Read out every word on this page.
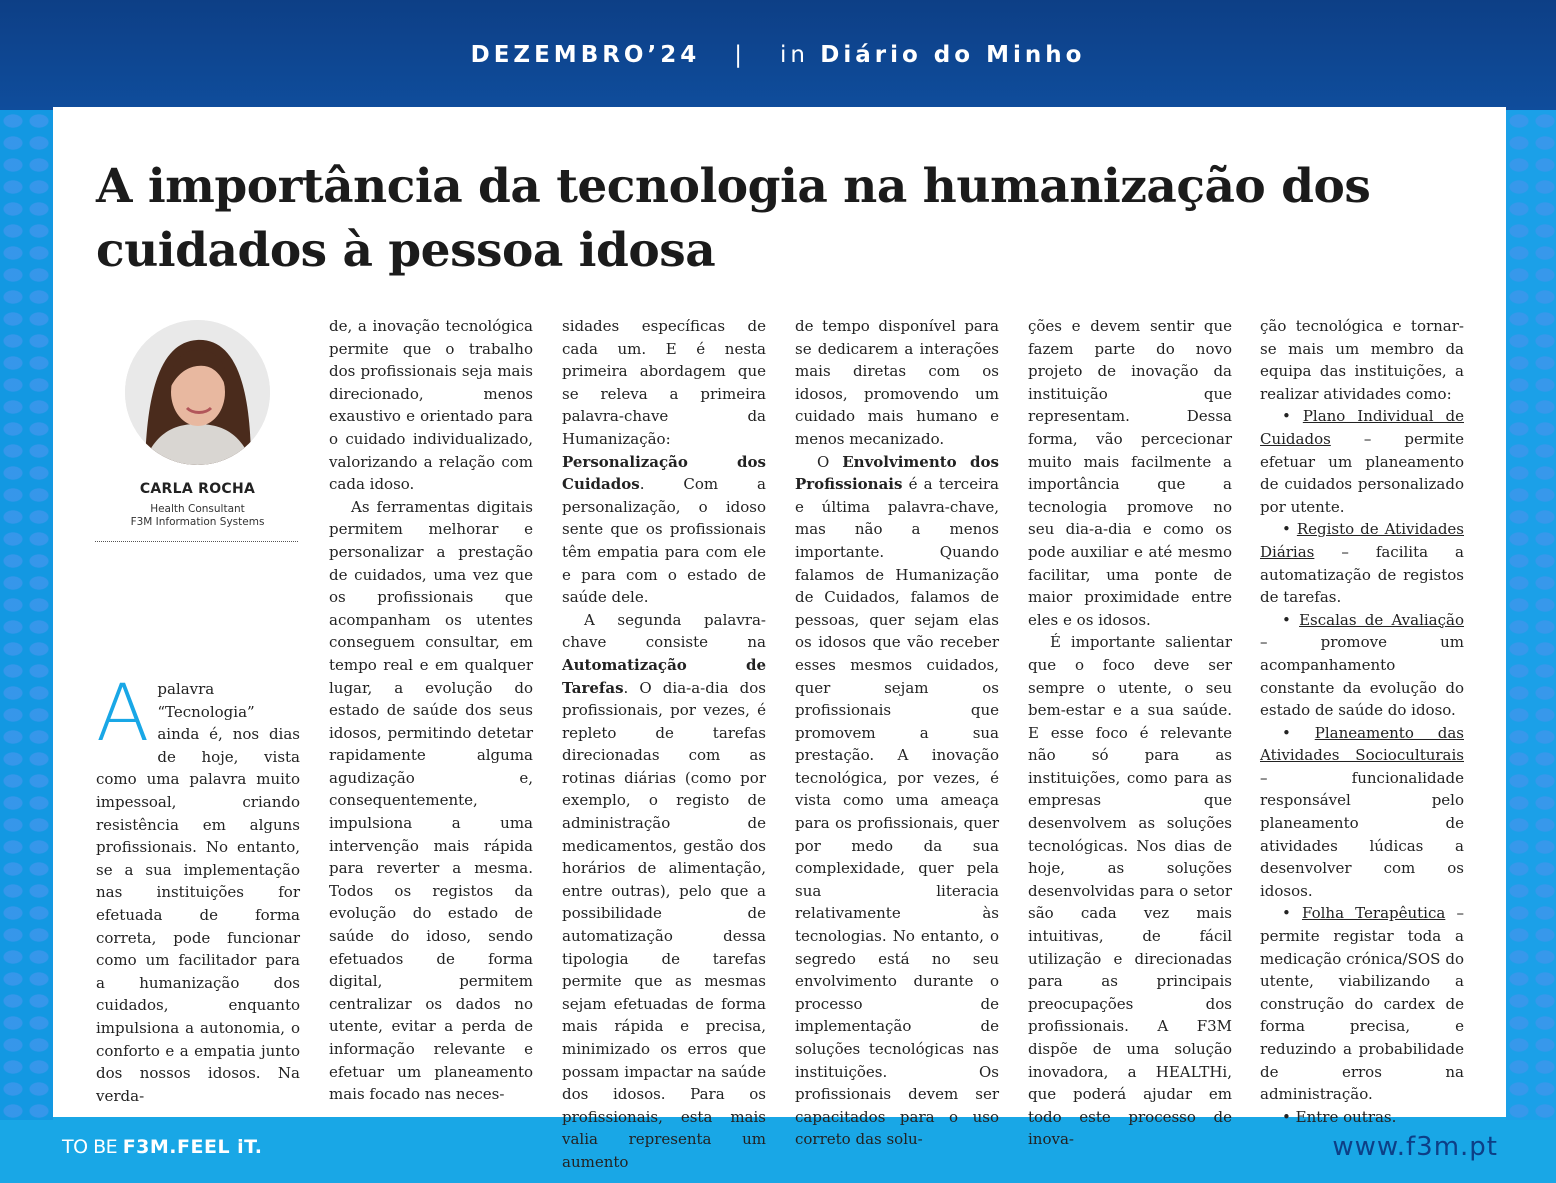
DEZEMBRO’24 | in Diário do Minho
A importância da tecnologia na humanização dos cuidados à pessoa idosa
CARLA ROCHA
Health Consultant
F3M Information Systems

Apalavra “Tecnologia” ainda é, nos dias de hoje, vista como uma palavra muito impessoal, criando resistência em alguns profissionais. No entanto, se a sua implementação nas instituições for efetuada de forma correta, pode funcionar como um facilitador para a humanização dos cuidados, enquanto impulsiona a autonomia, o conforto e a empatia junto dos nossos idosos. Na verda-

de, a inovação tecnológica permite que o trabalho dos profissionais seja mais direcionado, menos exaustivo e orientado para o cuidado individualizado, valorizando a relação com cada idoso.

As ferramentas digitais permitem melhorar e personalizar a prestação de cuidados, uma vez que os profissionais que acompanham os utentes conseguem consultar, em tempo real e em qualquer lugar, a evolução do estado de saúde dos seus idosos, permitindo detetar rapidamente alguma agudização e, consequentemente, impulsiona a uma intervenção mais rápida para reverter a mesma. Todos os registos da evolução do estado de saúde do idoso, sendo efetuados de forma digital, permitem centralizar os dados no utente, evitar a perda de informação relevante e efetuar um planeamento mais focado nas neces-

sidades específicas de cada um. E é nesta primeira abordagem que se releva a primeira palavra-chave da Humanização: Personalização dos Cuidados. Com a personalização, o idoso sente que os profissionais têm empatia para com ele e para com o estado de saúde dele.

A segunda palavra-chave consiste na Automatização de Tarefas. O dia-a-dia dos profissionais, por vezes, é repleto de tarefas direcionadas com as rotinas diárias (como por exemplo, o registo de administração de medicamentos, gestão dos horários de alimentação, entre outras), pelo que a possibilidade de automatização dessa tipologia de tarefas permite que as mesmas sejam efetuadas de forma mais rápida e precisa, minimizado os erros que possam impactar na saúde dos idosos. Para os profissionais, esta mais valia representa um aumento

de tempo disponível para se dedicarem a interações mais diretas com os idosos, promovendo um cuidado mais humano e menos mecanizado.

O Envolvimento dos Profissionais é a terceira e última palavra-chave, mas não a menos importante. Quando falamos de Humanização de Cuidados, falamos de pessoas, quer sejam elas os idosos que vão receber esses mesmos cuidados, quer sejam os profissionais que promovem a sua prestação. A inovação tecnológica, por vezes, é vista como uma ameaça para os profissionais, quer por medo da sua complexidade, quer pela sua literacia relativamente às tecnologias. No entanto, o segredo está no seu envolvimento durante o processo de implementação de soluções tecnológicas nas instituições. Os profissionais devem ser capacitados para o uso correto das solu-

ções e devem sentir que fazem parte do novo projeto de inovação da instituição que representam. Dessa forma, vão percecionar muito mais facilmente a importância que a tecnologia promove no seu dia-a-dia e como os pode auxiliar e até mesmo facilitar, uma ponte de maior proximidade entre eles e os idosos.

É importante salientar que o foco deve ser sempre o utente, o seu bem-estar e a sua saúde. E esse foco é relevante não só para as instituições, como para as empresas que desenvolvem as soluções tecnológicas. Nos dias de hoje, as soluções desenvolvidas para o setor são cada vez mais intuitivas, de fácil utilização e direcionadas para as principais preocupações dos profissionais. A F3M dispõe de uma solução inovadora, a HEALTHi, que poderá ajudar em todo este processo de inova-

ção tecnológica e tornar-se mais um membro da equipa das instituições, a realizar atividades como:

• Plano Individual de Cuidados – permite efetuar um planeamento de cuidados personalizado por utente.

• Registo de Atividades Diárias – facilita a automatização de registos de tarefas.

• Escalas de Avaliação – promove um acompanhamento constante da evolução do estado de saúde do idoso.

• Planeamento das Atividades Socioculturais – funcionalidade responsável pelo planeamento de atividades lúdicas a desenvolver com os idosos.

• Folha Terapêutica – permite registar toda a medicação crónica/SOS do utente, viabilizando a construção do cardex de forma precisa, e reduzindo a probabilidade de erros na administração.

• Entre outras.

TO BE F3M.FEEL iT.	www.f3m.pt
